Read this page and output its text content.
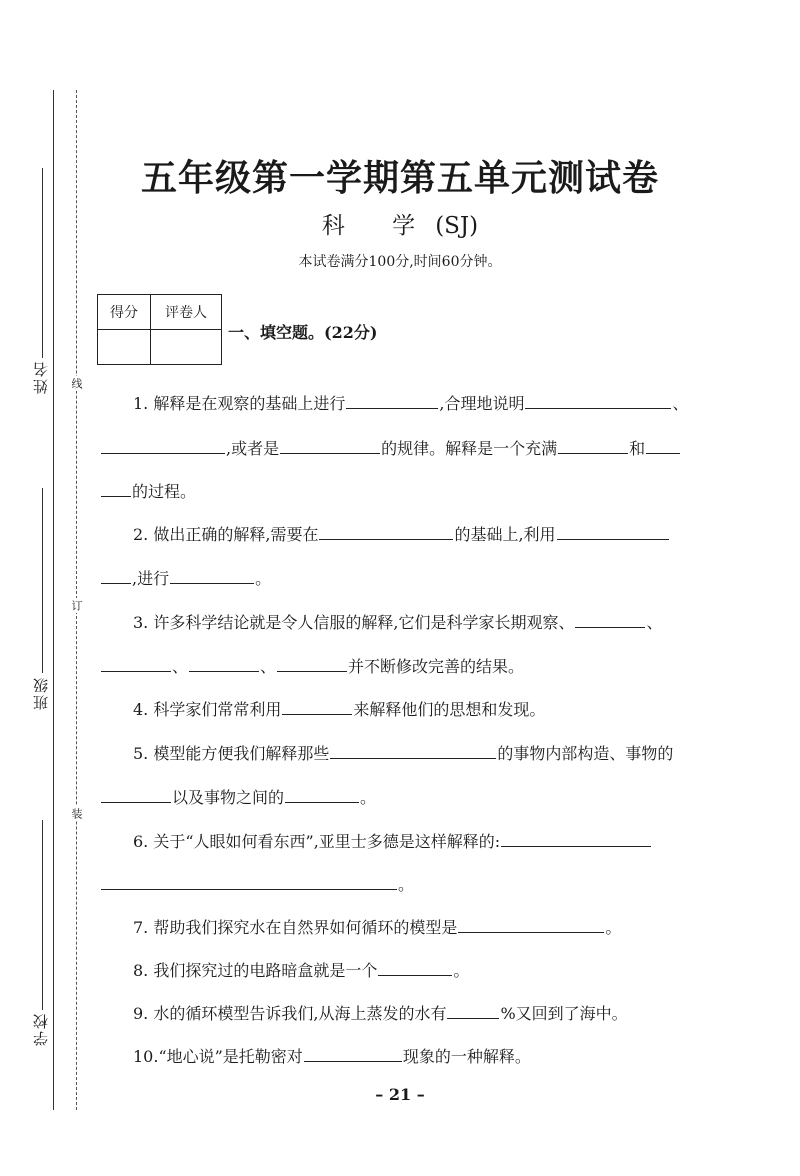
姓名
班级
学校
线
订
装
五年级第一学期第五单元测试卷
科 学(SJ)
本试卷满分100分,时间60分钟。
得分	评卷人

一、填空题。(22分)
1. 解释是在观察的基础上进行	,合理地说明	、
,或者是	的规律。解释是一个充满	和
的过程。
2. 做出正确的解释,需要在	的基础上,利用
,进行	。
3. 许多科学结论就是令人信服的解释,它们是科学家长期观察、	、
、	、	并不断修改完善的结果。
4. 科学家们常常利用	来解释他们的思想和发现。
5. 模型能方便我们解释那些	的事物内部构造、事物的
以及事物之间的	。
6. 关于“人眼如何看东西”,亚里士多德是这样解释的:
。
7. 帮助我们探究水在自然界如何循环的模型是	。
8. 我们探究过的电路暗盒就是一个	。
9. 水的循环模型告诉我们,从海上蒸发的水有	%又回到了海中。
10.“地心说”是托勒密对	现象的一种解释。
– 21 –
